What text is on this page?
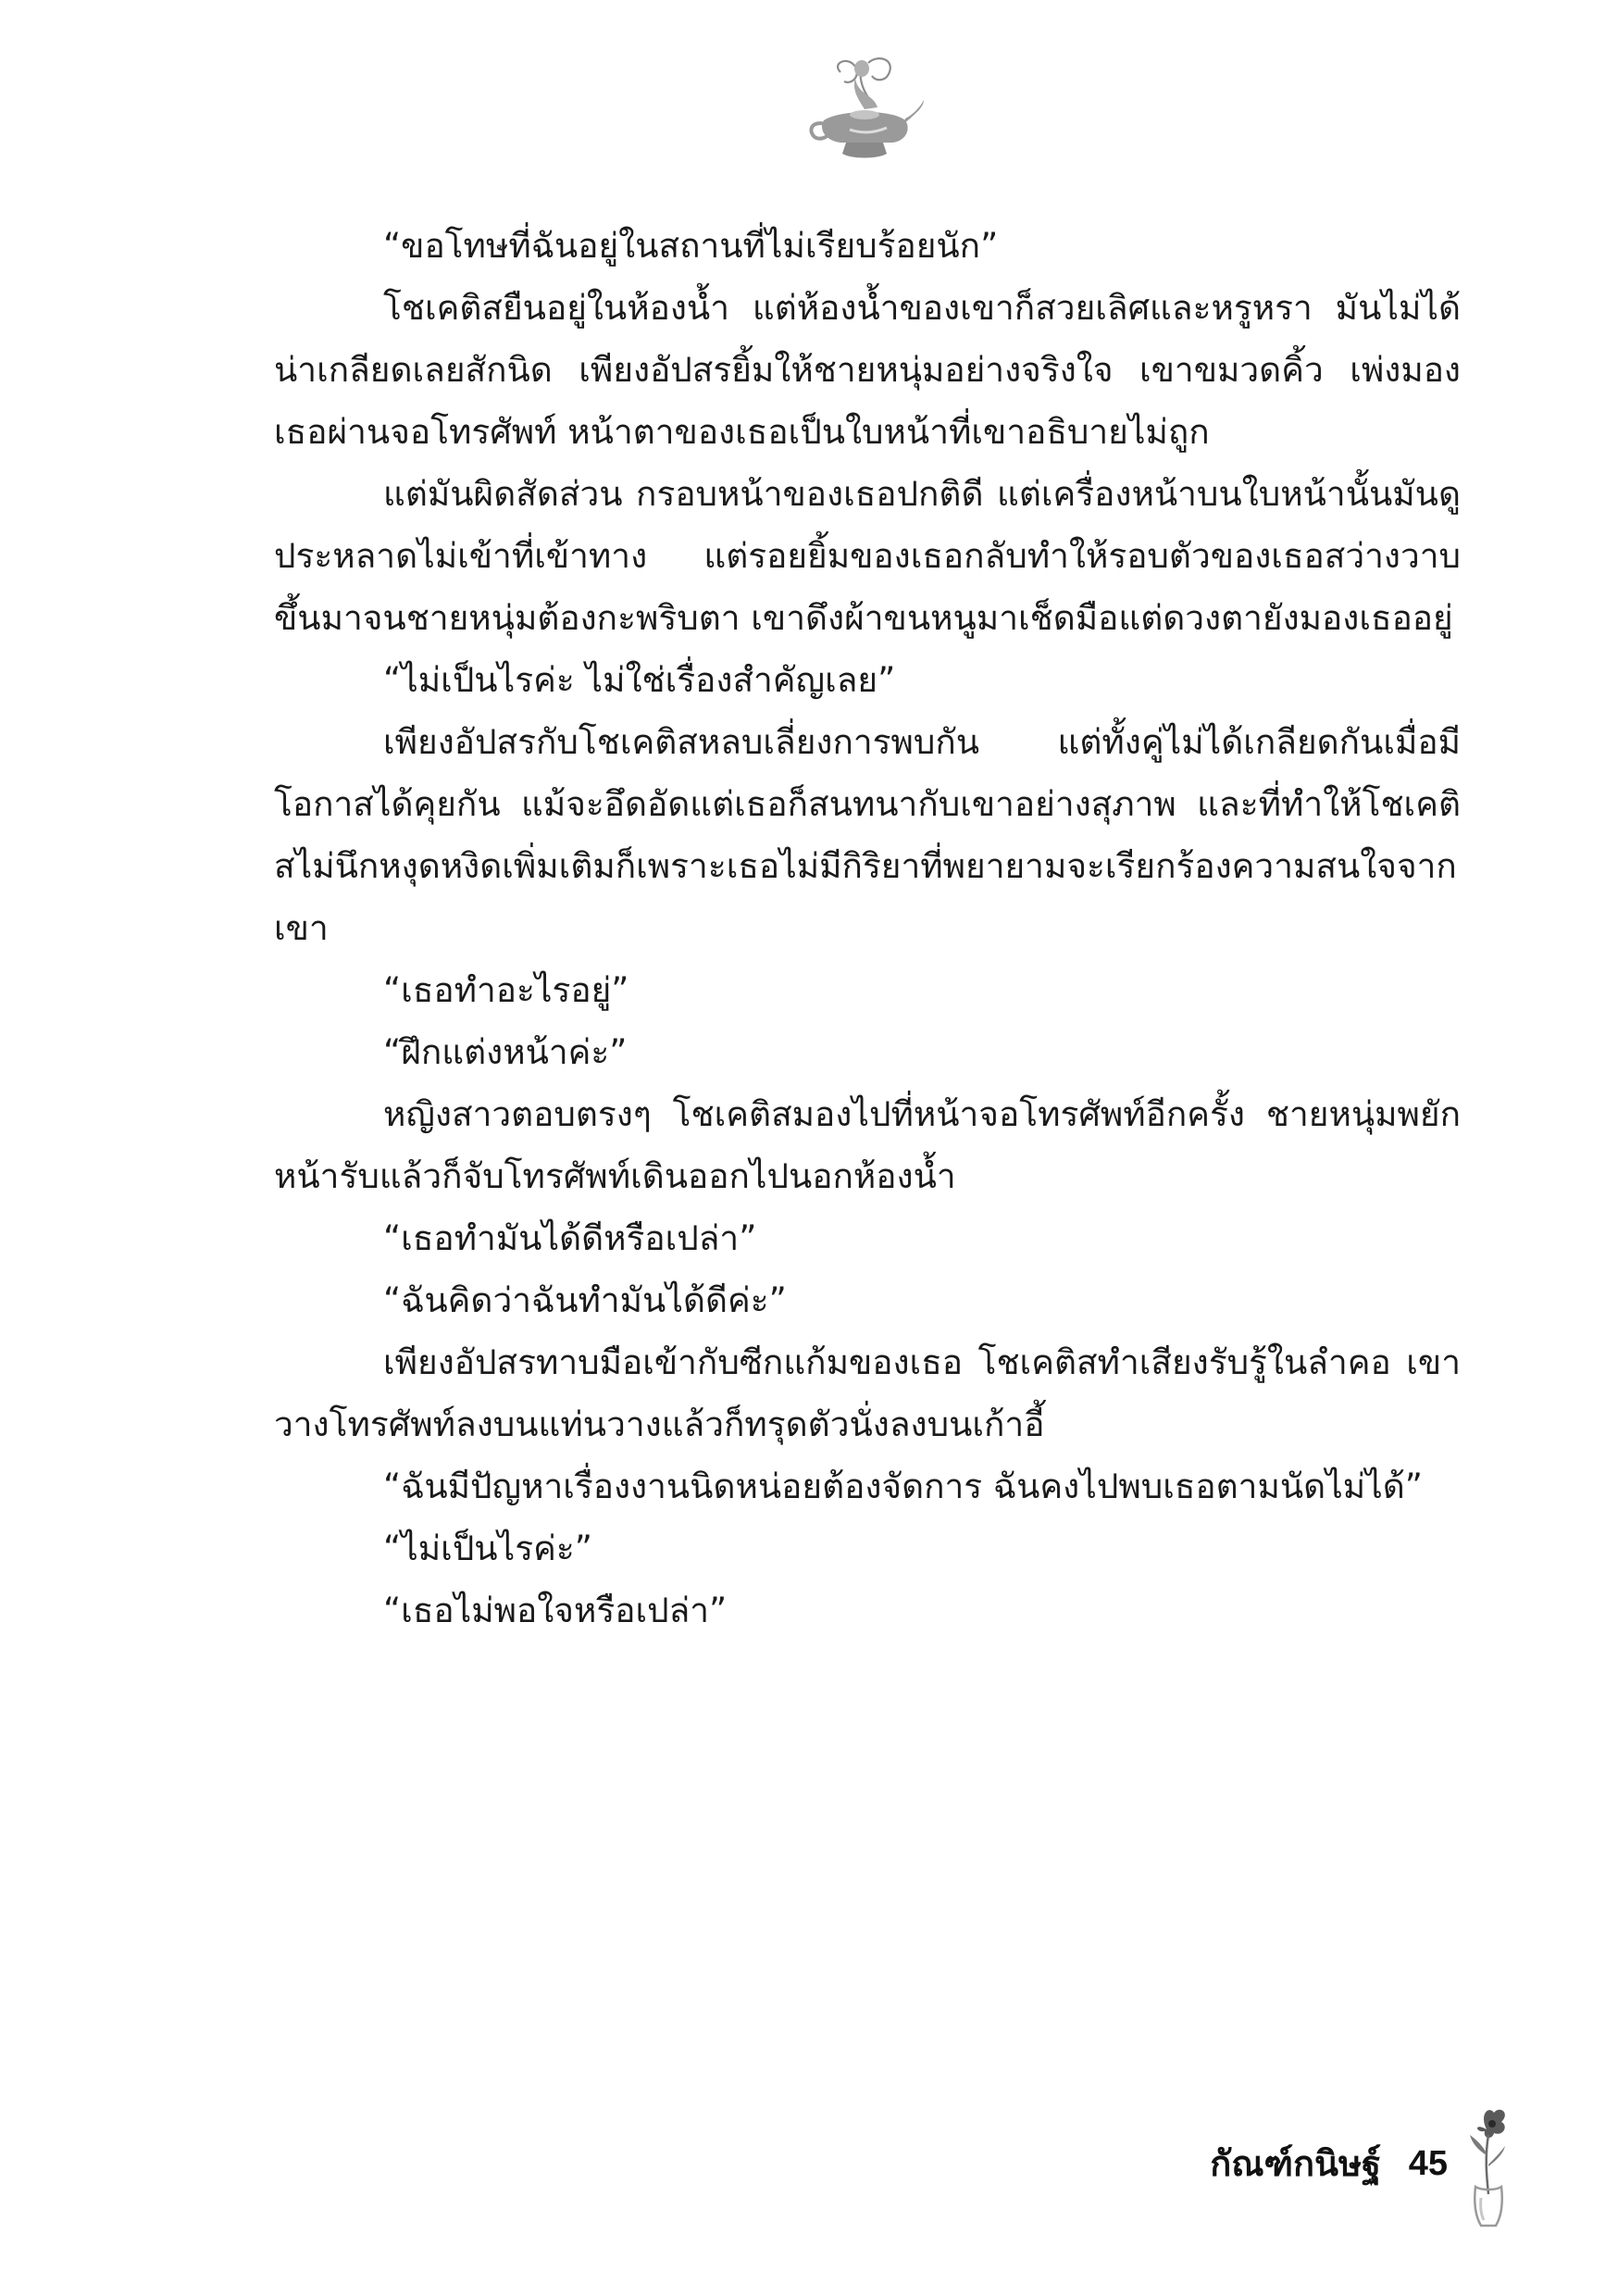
“ขอโทษที่ฉันอยู่ในสถานที่ไม่เรียบร้อยนัก”

โชเคติสยืนอยู่ในห้องน้ำ แต่ห้องน้ำของเขาก็สวยเลิศและหรูหรา มันไม่ได้น่าเกลียดเลยสักนิด เพียงอัปสรยิ้มให้ชายหนุ่มอย่างจริงใจ เขาขมวดคิ้ว เพ่งมองเธอผ่านจอโทรศัพท์ หน้าตาของเธอเป็นใบหน้าที่เขาอธิบายไม่ถูก

แต่มันผิดสัดส่วน กรอบหน้าของเธอปกติดี แต่เครื่องหน้าบนใบหน้านั้นมันดูประหลาดไม่เข้าที่เข้าทาง แต่รอยยิ้มของเธอกลับทำให้รอบตัวของเธอสว่างวาบขึ้นมาจนชายหนุ่มต้องกะพริบตา เขาดึงผ้าขนหนูมาเช็ดมือแต่ดวงตายังมองเธออยู่

“ไม่เป็นไรค่ะ ไม่ใช่เรื่องสำคัญเลย”

เพียงอัปสรกับโชเคติสหลบเลี่ยงการพบกัน แต่ทั้งคู่ไม่ได้เกลียดกันเมื่อมีโอกาสได้คุยกัน แม้จะอึดอัดแต่เธอก็สนทนากับเขาอย่างสุภาพ และที่ทำให้โชเคติสไม่นึกหงุดหงิดเพิ่มเติมก็เพราะเธอไม่มีกิริยาที่พยายามจะเรียกร้องความสนใจจากเขา

“เธอทำอะไรอยู่”

“ฝึกแต่งหน้าค่ะ”

หญิงสาวตอบตรงๆ โชเคติสมองไปที่หน้าจอโทรศัพท์อีกครั้ง ชายหนุ่มพยักหน้ารับแล้วก็จับโทรศัพท์เดินออกไปนอกห้องน้ำ

“เธอทำมันได้ดีหรือเปล่า”

“ฉันคิดว่าฉันทำมันได้ดีค่ะ”

เพียงอัปสรทาบมือเข้ากับซีกแก้มของเธอ โชเคติสทำเสียงรับรู้ในลำคอ เขาวางโทรศัพท์ลงบนแท่นวางแล้วก็ทรุดตัวนั่งลงบนเก้าอี้

“ฉันมีปัญหาเรื่องงานนิดหน่อยต้องจัดการ ฉันคงไปพบเธอตามนัดไม่ได้”

“ไม่เป็นไรค่ะ”

“เธอไม่พอใจหรือเปล่า”

กัณฑ์กนิษฐ์ 45
